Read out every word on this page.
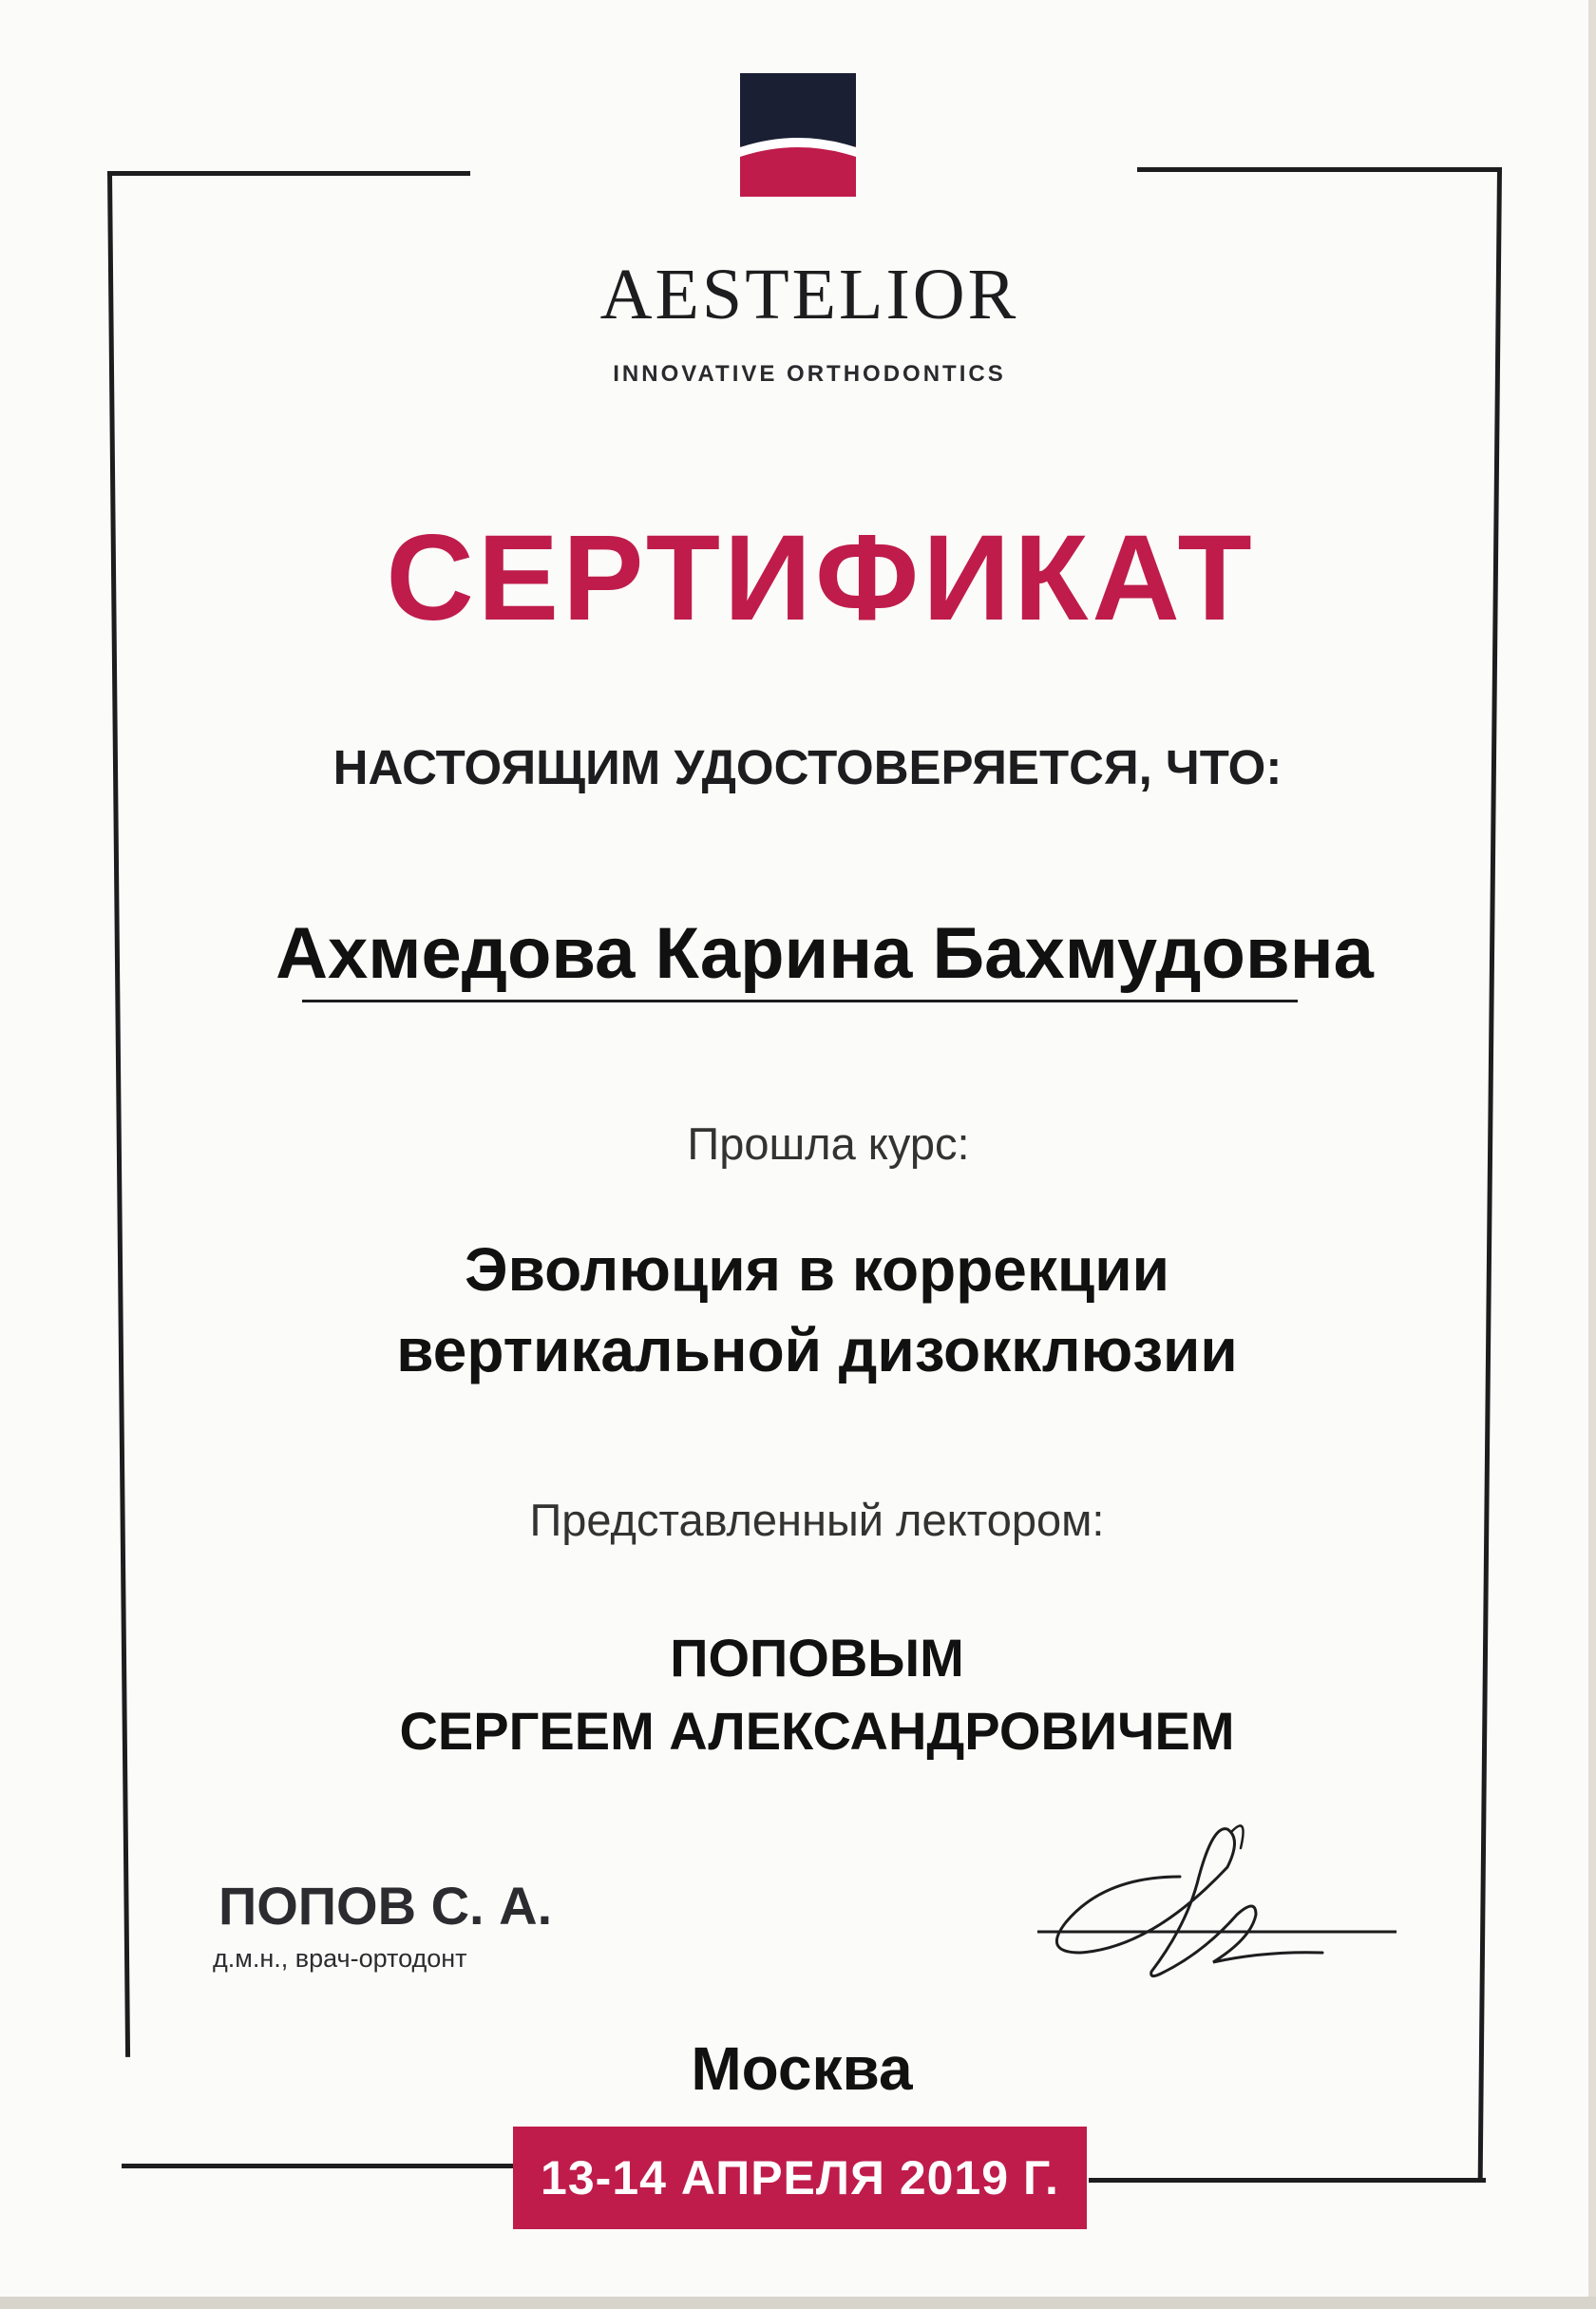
AESTELIOR
INNOVATIVE ORTHODONTICS
СЕРТИФИКАТ
НАСТОЯЩИМ УДОСТОВЕРЯЕТСЯ, ЧТО:
Ахмедова Карина Бахмудовна
Прошла курс:
Эволюция в коррекции
вертикальной дизокклюзии
Представленный лектором:
ПОПОВЫМ
СЕРГЕЕМ АЛЕКСАНДРОВИЧЕМ
ПОПОВ С. А.
д.м.н., врач-ортодонт
Москва
13-14 АПРЕЛЯ 2019 Г.
